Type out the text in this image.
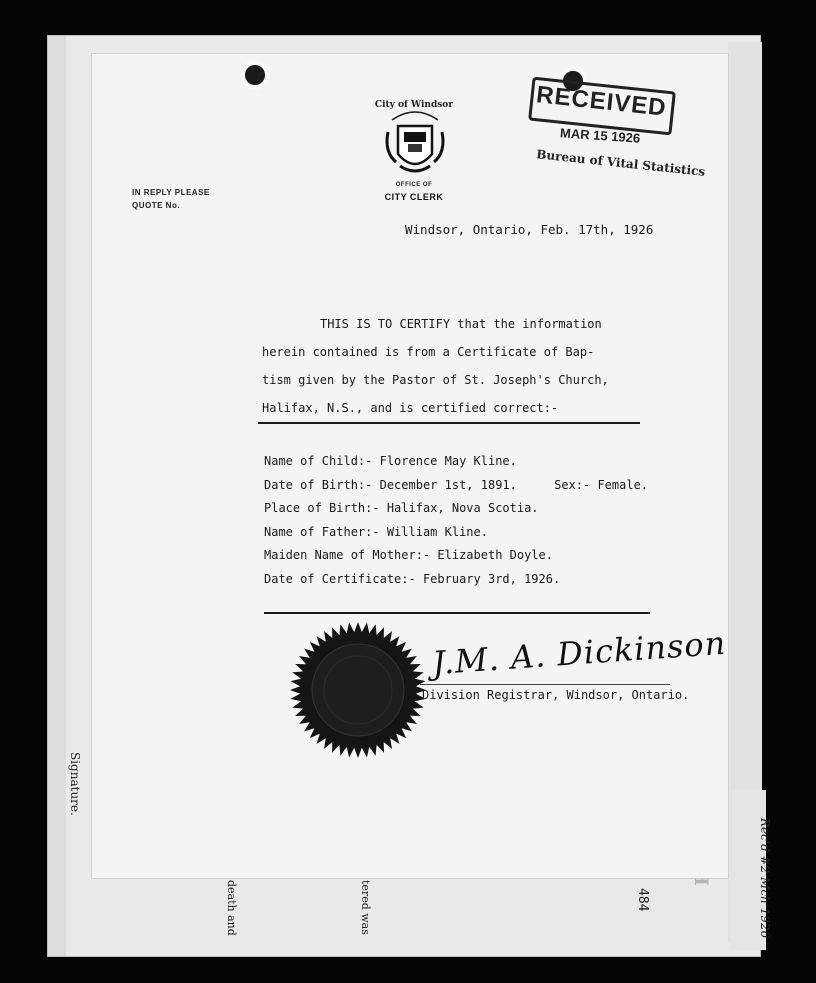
Signature.
484
death and	tered was	Rec'd #2 Mch 1926
IN REPLY PLEASE
QUOTE No.
City of Windsor
OFFICE OF
CITY CLERK
RECEIVED
MAR 15 1926
Bureau of Vital Statistics
Windsor, Ontario, Feb. 17th, 1926
THIS IS TO CERTIFY that the information
herein contained is from a Certificate of Bap-
tism given by the Pastor of St. Joseph's Church,
Halifax, N.S., and is certified correct:-
Name of Child:- Florence May Kline.
Date of Birth:- December 1st, 1891.	Sex:- Female.
Place of Birth:- Halifax, Nova Scotia.
Name of Father:- William Kline.
Maiden Name of Mother:- Elizabeth Doyle.
Date of Certificate:- February 3rd, 1926.
J.M. A. Dickinson
Division Registrar, Windsor, Ontario.
